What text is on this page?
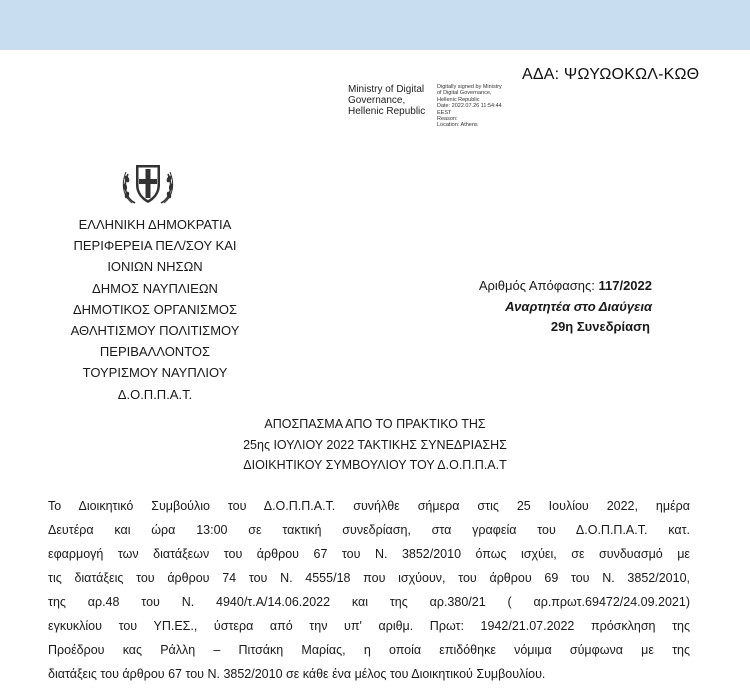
ΑΔΑ: ΨΩΥΩΟΚΩΛ-ΚΩΘ
Ministry of Digital
Governance,
Hellenic Republic
Digitally signed by Ministry
of Digital Governance,
Hellenic Republic
Date: 2022.07.26 11:54:44
EEST
Reason:
Location: Athens
ΕΛΛΗΝΙΚΗ ΔΗΜΟΚΡΑΤΙΑ
ΠΕΡΙΦΕΡΕΙΑ ΠΕΛ/ΣΟΥ ΚΑΙ
ΙΟΝΙΩΝ ΝΗΣΩΝ
ΔΗΜΟΣ ΝΑΥΠΛΙΕΩΝ
ΔΗΜΟΤΙΚΟΣ ΟΡΓΑΝΙΣΜΟΣ
ΑΘΛΗΤΙΣΜΟΥ ΠΟΛΙΤΙΣΜΟΥ
ΠΕΡΙΒΑΛΛΟΝΤΟΣ
ΤΟΥΡΙΣΜΟΥ ΝΑΥΠΛΙΟΥ
Δ.Ο.Π.Π.Α.Τ.
Αριθμός Απόφασης: 117/2022
Αναρτητέα στο Διαύγεια
29η Συνεδρίαση
ΑΠΟΣΠΑΣΜΑ ΑΠΟ ΤΟ ΠΡΑΚΤΙΚΟ ΤΗΣ
25ης ΙΟΥΛΙΟΥ 2022 ΤΑΚΤΙΚΗΣ ΣΥΝΕΔΡΙΑΣΗΣ
ΔΙΟΙΚΗΤΙΚΟΥ ΣΥΜΒΟΥΛΙΟΥ ΤΟΥ Δ.Ο.Π.Π.Α.Τ
Το Διοικητικό Συμβούλιο του Δ.Ο.Π.Π.Α.Τ. συνήλθε σήμερα στις 25 Ιουλίου 2022, ημέρα
Δευτέρα και ώρα 13:00 σε τακτική συνεδρίαση, στα γραφεία του Δ.Ο.Π.Π.Α.Τ. κατ.
εφαρμογή των διατάξεων του άρθρου 67 του Ν. 3852/2010 όπως ισχύει, σε συνδυασμό με
τις διατάξεις του άρθρου 74 του Ν. 4555/18 που ισχύουν, του άρθρου 69 του Ν. 3852/2010,
της αρ.48 του Ν. 4940/τ.Α/14.06.2022 και της αρ.380/21 ( αρ.πρωτ.69472/24.09.2021)
εγκυκλίου του ΥΠ.ΕΣ., ύστερα από την υπ' αριθμ. Πρωτ: 1942/21.07.2022 πρόσκληση της
Προέδρου κας Ράλλη – Πιτσάκη Μαρίας, η οποία επιδόθηκε νόμιμα σύμφωνα με της
διατάξεις του άρθρου 67 του Ν. 3852/2010 σε κάθε ένα μέλος του Διοικητικού Συμβουλίου.
